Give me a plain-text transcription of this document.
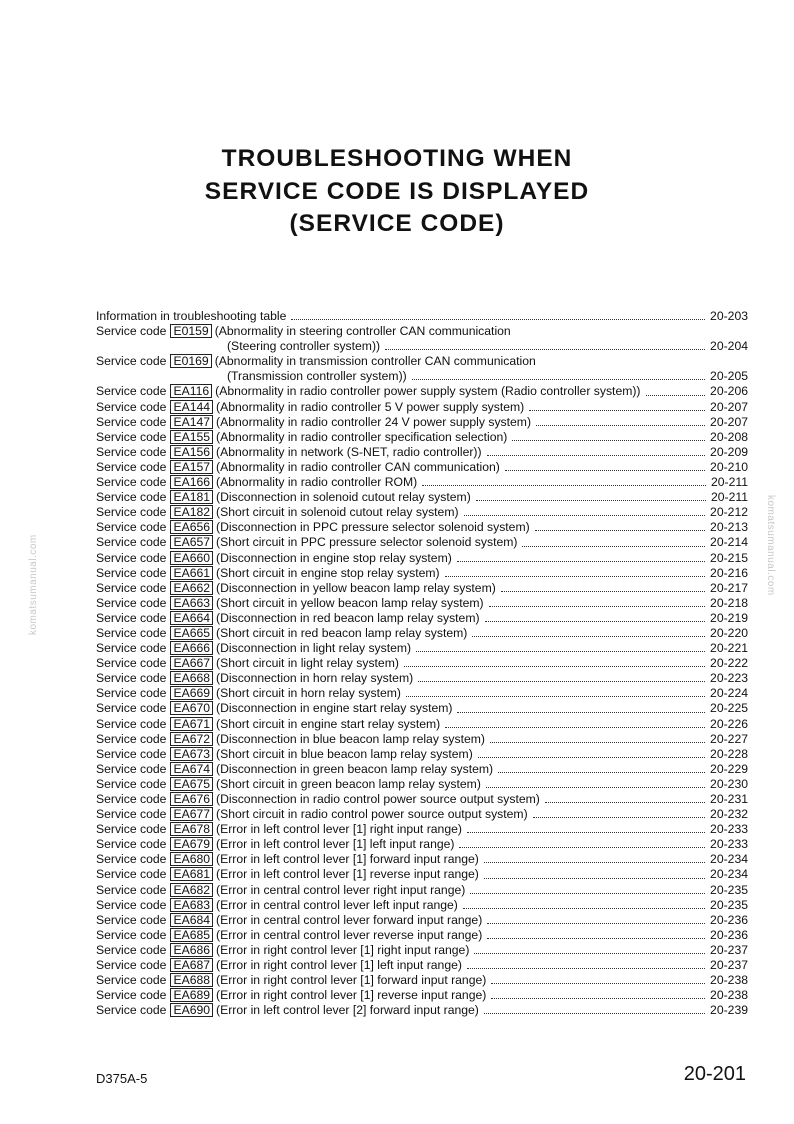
TROUBLESHOOTING WHEN
SERVICE CODE IS DISPLAYED
(SERVICE CODE)
Information in troubleshooting table	20-203
Service code E0159 (Abnormality in steering controller CAN communication
(Steering controller system))	20-204
Service code E0169 (Abnormality in transmission controller CAN communication
(Transmission controller system))	20-205
Service code EA116 (Abnormality in radio controller power supply system (Radio controller system))	20-206
Service code EA144 (Abnormality in radio controller 5 V power supply system)	20-207
Service code EA147 (Abnormality in radio controller 24 V power supply system)	20-207
Service code EA155 (Abnormality in radio controller specification selection)	20-208
Service code EA156 (Abnormality in network (S-NET, radio controller))	20-209
Service code EA157 (Abnormality in radio controller CAN communication)	20-210
Service code EA166 (Abnormality in radio controller ROM)	20-211
Service code EA181 (Disconnection in solenoid cutout relay system)	20-211
Service code EA182 (Short circuit in solenoid cutout relay system)	20-212
Service code EA656 (Disconnection in PPC pressure selector solenoid system)	20-213
Service code EA657 (Short circuit in PPC pressure selector solenoid system)	20-214
Service code EA660 (Disconnection in engine stop relay system)	20-215
Service code EA661 (Short circuit in engine stop relay system)	20-216
Service code EA662 (Disconnection in yellow beacon lamp relay system)	20-217
Service code EA663 (Short circuit in yellow beacon lamp relay system)	20-218
Service code EA664 (Disconnection in red beacon lamp relay system)	20-219
Service code EA665 (Short circuit in red beacon lamp relay system)	20-220
Service code EA666 (Disconnection in light relay system)	20-221
Service code EA667 (Short circuit in light relay system)	20-222
Service code EA668 (Disconnection in horn relay system)	20-223
Service code EA669 (Short circuit in horn relay system)	20-224
Service code EA670 (Disconnection in engine start relay system)	20-225
Service code EA671 (Short circuit in engine start relay system)	20-226
Service code EA672 (Disconnection in blue beacon lamp relay system)	20-227
Service code EA673 (Short circuit in blue beacon lamp relay system)	20-228
Service code EA674 (Disconnection in green beacon lamp relay system)	20-229
Service code EA675 (Short circuit in green beacon lamp relay system)	20-230
Service code EA676 (Disconnection in radio control power source output system)	20-231
Service code EA677 (Short circuit in radio control power source output system)	20-232
Service code EA678 (Error in left control lever [1] right input range)	20-233
Service code EA679 (Error in left control lever [1] left input range)	20-233
Service code EA680 (Error in left control lever [1] forward input range)	20-234
Service code EA681 (Error in left control lever [1] reverse input range)	20-234
Service code EA682 (Error in central control lever right input range)	20-235
Service code EA683 (Error in central control lever left input range)	20-235
Service code EA684 (Error in central control lever forward input range)	20-236
Service code EA685 (Error in central control lever reverse input range)	20-236
Service code EA686 (Error in right control lever [1] right input range)	20-237
Service code EA687 (Error in right control lever [1] left input range)	20-237
Service code EA688 (Error in right control lever [1] forward input range)	20-238
Service code EA689 (Error in right control lever [1] reverse input range)	20-238
Service code EA690 (Error in left control lever [2] forward input range)	20-239
komatsumanual.com	komatsumanual.com
D375A-5	20-201
